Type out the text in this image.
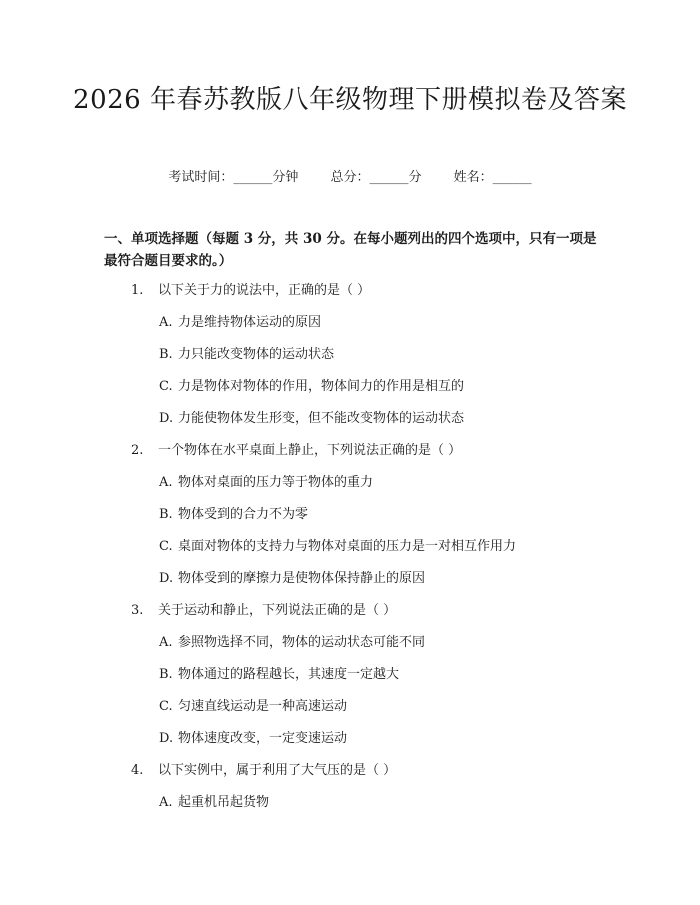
2026 年春苏教版八年级物理下册模拟卷及答案
考试时间：______分钟 总分：______分 姓名：______
一、单项选择题（每题 3 分，共 30 分。在每小题列出的四个选项中，只有一项是最符合题目要求的。）
1. 以下关于力的说法中，正确的是（ ）
A. 力是维持物体运动的原因
B. 力只能改变物体的运动状态
C. 力是物体对物体的作用，物体间力的作用是相互的
D. 力能使物体发生形变，但不能改变物体的运动状态
2. 一个物体在水平桌面上静止，下列说法正确的是（ ）
A. 物体对桌面的压力等于物体的重力
B. 物体受到的合力不为零
C. 桌面对物体的支持力与物体对桌面的压力是一对相互作用力
D. 物体受到的摩擦力是使物体保持静止的原因
3. 关于运动和静止，下列说法正确的是（ ）
A. 参照物选择不同，物体的运动状态可能不同
B. 物体通过的路程越长，其速度一定越大
C. 匀速直线运动是一种高速运动
D. 物体速度改变，一定变速运动
4. 以下实例中，属于利用了大气压的是（ ）
A. 起重机吊起货物
